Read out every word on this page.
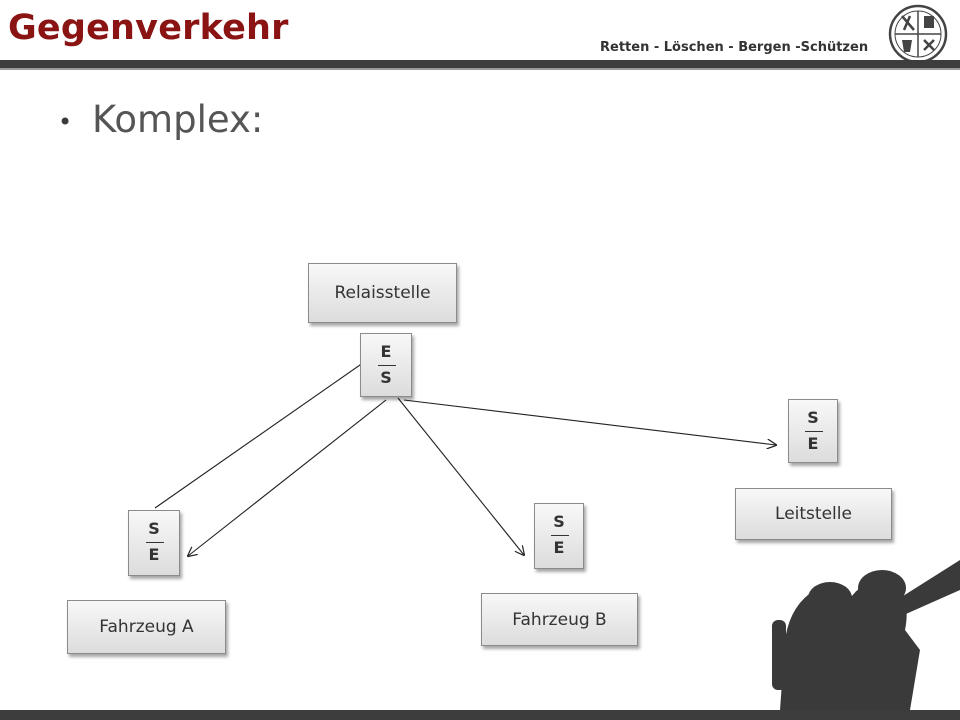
Gegenverkehr	Retten - Löschen - Bergen -Schützen
• Komplex:
Relaisstelle
E
S
S
E
Leitstelle
S
E
Fahrzeug A
S
E
Fahrzeug B
